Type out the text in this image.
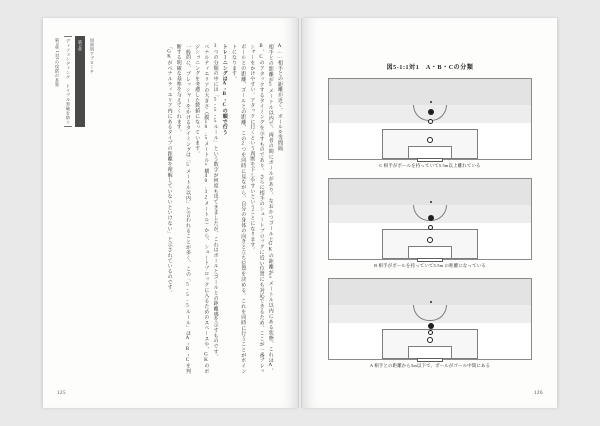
第5章 1対1の攻防の本質	ディフェンディング　ドリブル突破を防ぐ	第5章	局面別アプローチ	A……相手との距離が近く、ボールを等間隔

相手との距離が5メートル以内で、両者の間にボールがあり、なおかつゴールとGKの距離が5メートル以内にある状態。これはA、B、Cのアタックするタイミングを示すものであり、さらに相手のシュートブロックに近い位置にも対応できるため、ここが一番ブレッシャーをかけやすい。アタックに行くという判断を下しやすいということになります。

ボールとの距離、ゴールとの距離、この2つを同時に見ながら、自分の身体の向きと立ち位置を決める。これを同時に行うことがポイントになります。

トレーニングはA・B・Cの順で行う

3つの分類の中には「5-5-5ルール」という数字が何度も出てきましたが、これはボールとゴールとの距離感を示すものです。

ペナルティエリアの大きさ（縦16.5メートル×横40.32メートル）から、シュートブロックに入るためのスペースや、GKのポジショニングを考慮した数値になっています。

一般的に、プレッシャーをかけるタイミングは「5メートル以内」と言われることが多く、この「5-5-5ルール」はA・B・Cを判断する明確な基準を与えてくれます。

「GKがペナルティエリア内にあるタイプの距離を理解していないといけない」と示されているのです。

125
図5-1:1対1　A・B・Cの分類
C 相手がボールを持っていて5.5m以上離れている
B 相手がボールを持っていて5.5m の距離になっている
A 相手との距離から5m以下で、ボールがゴール中間にある
126
